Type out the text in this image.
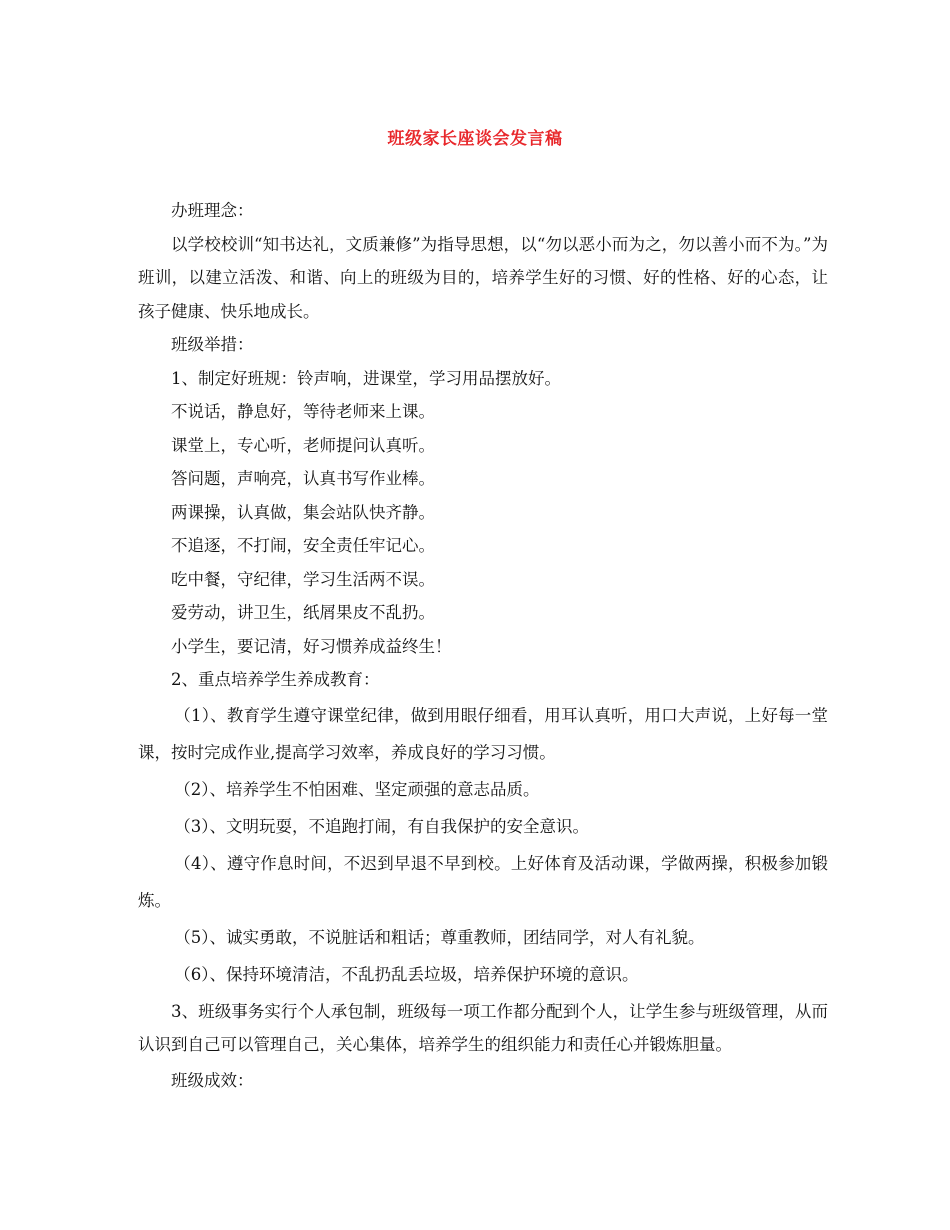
班级家长座谈会发言稿

办班理念：

以学校校训“知书达礼，文质兼修”为指导思想，以“勿以恶小而为之，勿以善小而不为。”为班训，以建立活泼、和谐、向上的班级为目的，培养学生好的习惯、好的性格、好的心态，让孩子健康、快乐地成长。

班级举措：

1、制定好班规：铃声响，进课堂，学习用品摆放好。

不说话，静息好，等待老师来上课。

课堂上，专心听，老师提问认真听。

答问题，声响亮，认真书写作业棒。

两课操，认真做，集会站队快齐静。

不追逐，不打闹，安全责任牢记心。

吃中餐，守纪律，学习生活两不误。

爱劳动，讲卫生，纸屑果皮不乱扔。

小学生，要记清，好习惯养成益终生！

2、重点培养学生养成教育：

（1）、教育学生遵守课堂纪律，做到用眼仔细看，用耳认真听，用口大声说，上好每一堂课，按时完成作业,提高学习效率，养成良好的学习习惯。

（2）、培养学生不怕困难、坚定顽强的意志品质。

（3）、文明玩耍，不追跑打闹，有自我保护的安全意识。

（4）、遵守作息时间，不迟到早退不早到校。上好体育及活动课，学做两操，积极参加锻炼。

（5）、诚实勇敢，不说脏话和粗话；尊重教师，团结同学，对人有礼貌。

（6）、保持环境清洁，不乱扔乱丢垃圾，培养保护环境的意识。

3、班级事务实行个人承包制，班级每一项工作都分配到个人，让学生参与班级管理，从而认识到自己可以管理自己，关心集体，培养学生的组织能力和责任心并锻炼胆量。

班级成效：
